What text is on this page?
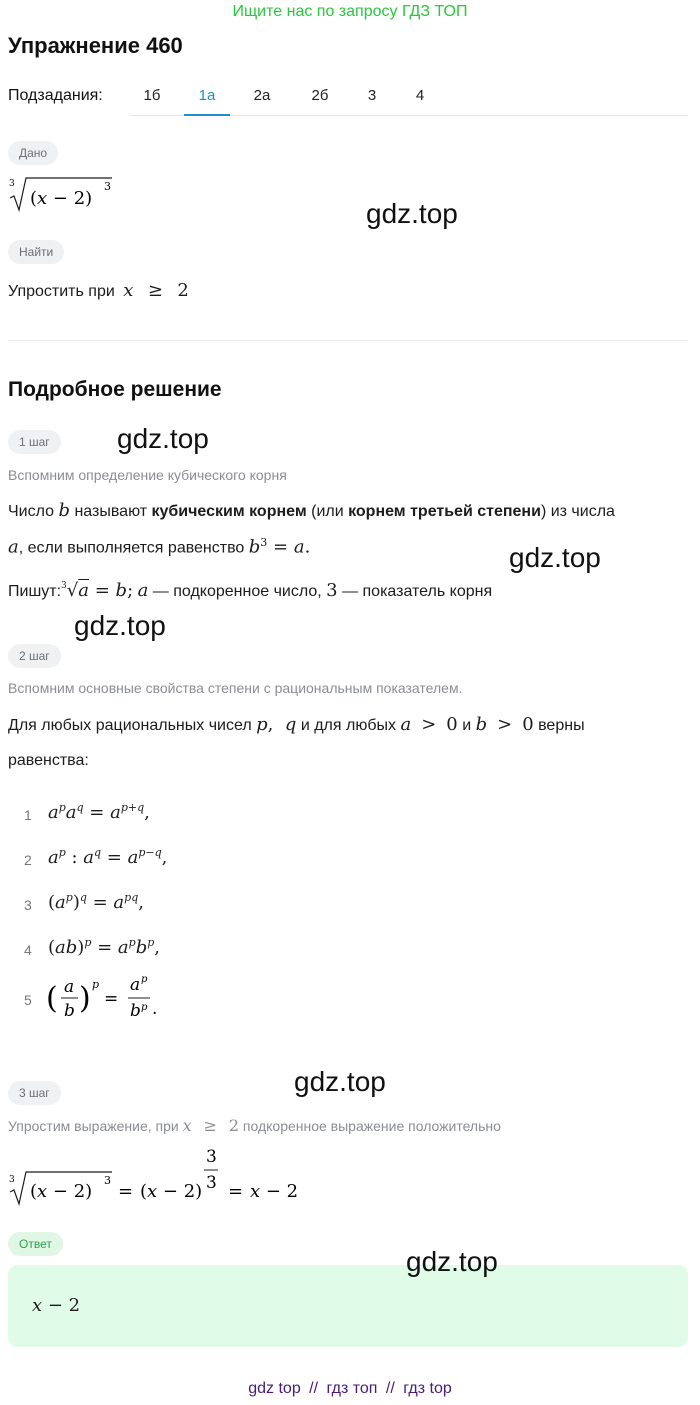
Ищите нас по запросу ГДЗ ТОП
Упражнение 460
Подзадания:	1б	1а	2а	2б	3	4
Дано
3
(x − 2)
3
gdz.top
Найти
Упростить при x ≥ 2
Подробное решение
1 шаг	gdz.top
Вспомним определение кубического корня
Число b называют кубическим корнем (или корнем третьей степени) из числа
a, если выполняется равенство $b^3 = a$.	gdz.top
Пишут:$^3$√a = b; a — подкоренное число, 3 — показатель корня
gdz.top
2 шаг
Вспомним основные свойства степени с рациональным показателем.
Для любых рациональных чисел p,  q и для любых a > 0 и b > 0 верны
равенства:
1 $a^pa^q = a^{p+q}$,
2 $a^p$ : $a^q = a^{p-q}$,
3 $(a^p)^q = a^{pq}$,
4 $(ab)^p = a^pb^p$,
5 ( a
b ) p
=
a p
b p .
gdz.top
3 шаг
Упростим выражение, при x ≥ 2 подкоренное выражение положительно
3
(x − 2)
3
= (x − 2)
3
3 = x − 2
Ответ
gdz.top
x − 2
gdz top // гдз топ // гдз top
